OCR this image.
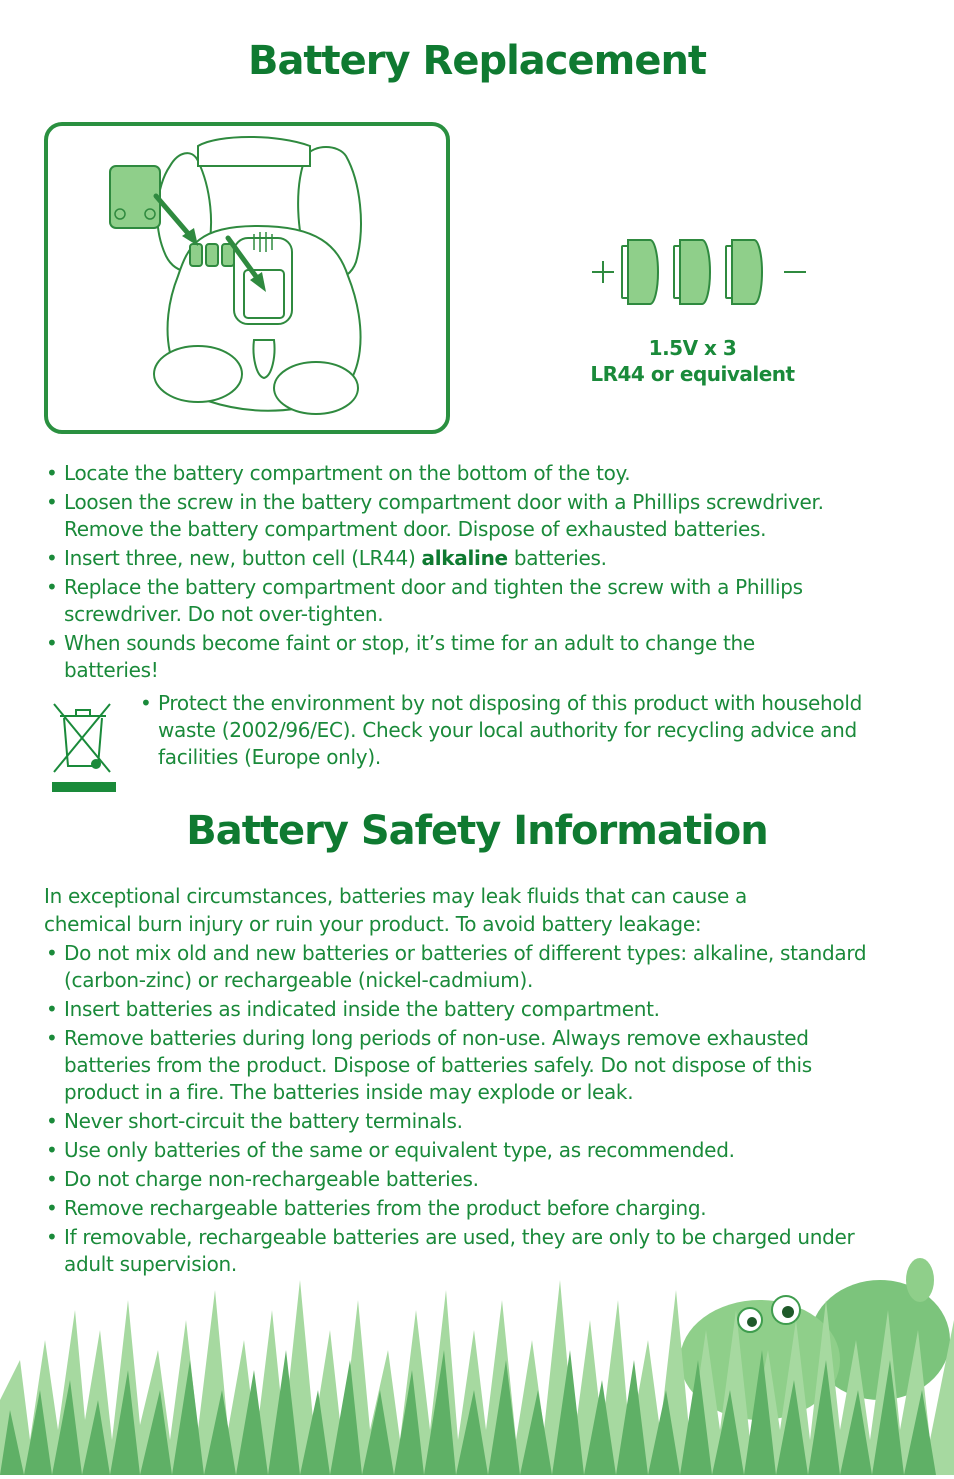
Battery Replacement
1.5V x 3
LR44 or equivalent
• Locate the battery compartment on the bottom of the toy.
• Loosen the screw in the battery compartment door with a Phillips screwdriver. Remove the battery compartment door. Dispose of exhausted batteries.
• Insert three, new, button cell (LR44) alkaline batteries.
• Replace the battery compartment door and tighten the screw with a Phillips screwdriver. Do not over-tighten.
• When sounds become faint or stop, it’s time for an adult to change the batteries!
• Protect the environment by not disposing of this product with household waste (2002/96/EC). Check your local authority for recycling advice and facilities (Europe only).
Battery Safety Information

In exceptional circumstances, batteries may leak fluids that can cause a chemical burn injury or ruin your product. To avoid battery leakage:

• Do not mix old and new batteries or batteries of different types: alkaline, standard (carbon-zinc) or rechargeable (nickel-cadmium).
• Insert batteries as indicated inside the battery compartment.
• Remove batteries during long periods of non-use. Always remove exhausted batteries from the product. Dispose of batteries safely. Do not dispose of this product in a fire. The batteries inside may explode or leak.
• Never short-circuit the battery terminals.
• Use only batteries of the same or equivalent type, as recommended.
• Do not charge non-rechargeable batteries.
• Remove rechargeable batteries from the product before charging.
• If removable, rechargeable batteries are used, they are only to be charged under adult supervision.
